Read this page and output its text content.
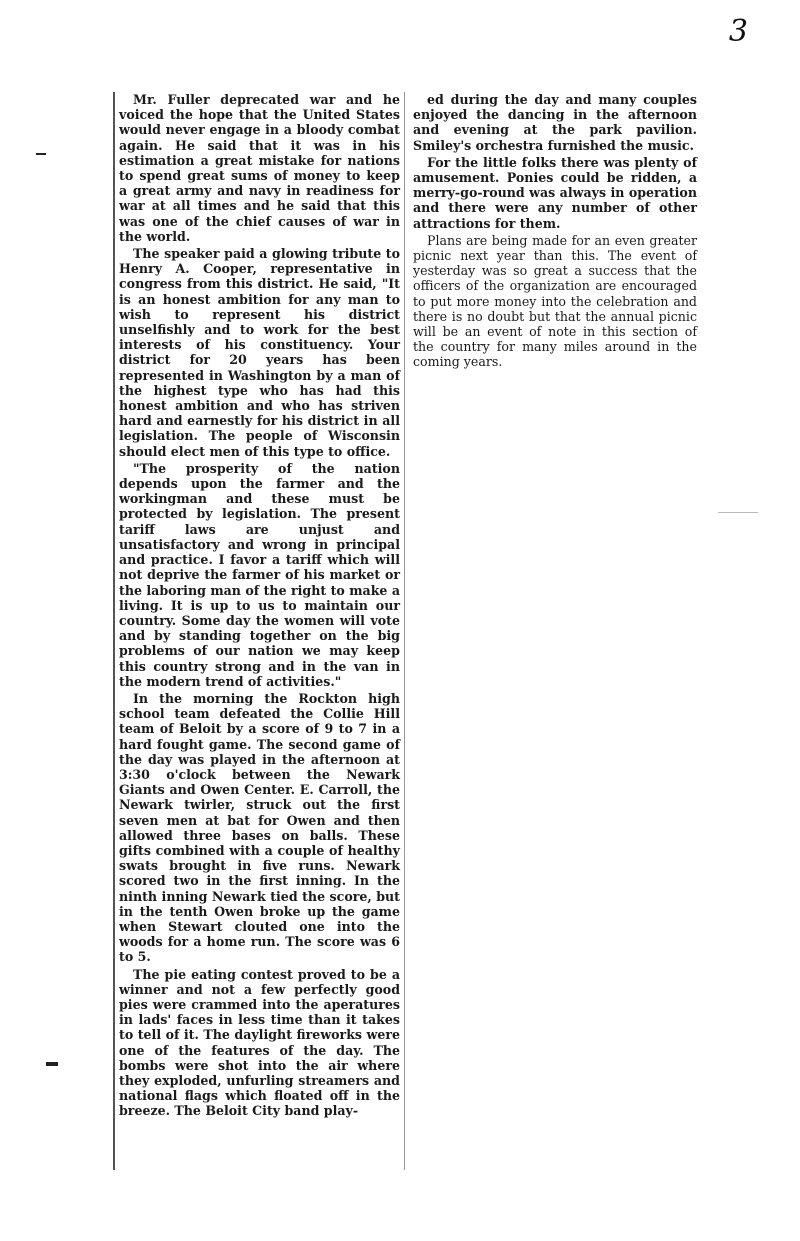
3

Mr. Fuller deprecated war and he voiced the hope that the United States would never engage in a bloody combat again. He said that it was in his estimation a great mistake for nations to spend great sums of money to keep a great army and navy in readiness for war at all times and he said that this was one of the chief causes of war in the world.

The speaker paid a glowing tribute to Henry A. Cooper, representative in congress from this district. He said, "It is an honest ambition for any man to wish to represent his district unselfishly and to work for the best interests of his constituency. Your district for 20 years has been represented in Washington by a man of the highest type who has had this honest ambition and who has striven hard and earnestly for his district in all legislation. The people of Wisconsin should elect men of this type to office.

"The prosperity of the nation depends upon the farmer and the workingman and these must be protected by legislation. The present tariff laws are unjust and unsatisfactory and wrong in principal and practice. I favor a tariff which will not deprive the farmer of his market or the laboring man of the right to make a living. It is up to us to maintain our country. Some day the women will vote and by standing together on the big problems of our nation we may keep this country strong and in the van in the modern trend of activities."

In the morning the Rockton high school team defeated the Collie Hill team of Beloit by a score of 9 to 7 in a hard fought game. The second game of the day was played in the afternoon at 3:30 o'clock between the Newark Giants and Owen Center. E. Carroll, the Newark twirler, struck out the first seven men at bat for Owen and then allowed three bases on balls. These gifts combined with a couple of healthy swats brought in five runs. Newark scored two in the first inning. In the ninth inning Newark tied the score, but in the tenth Owen broke up the game when Stewart clouted one into the woods for a home run. The score was 6 to 5.

The pie eating contest proved to be a winner and not a few perfectly good pies were crammed into the aperatures in lads' faces in less time than it takes to tell of it. The daylight fireworks were one of the features of the day. The bombs were shot into the air where they exploded, unfurling streamers and national flags which floated off in the breeze. The Beloit City band play-

ed during the day and many couples enjoyed the dancing in the afternoon and evening at the park pavilion. Smiley's orchestra furnished the music.

For the little folks there was plenty of amusement. Ponies could be ridden, a merry-go-round was always in operation and there were any number of other attractions for them.

Plans are being made for an even greater picnic next year than this. The event of yesterday was so great a success that the officers of the organization are encouraged to put more money into the celebration and there is no doubt but that the annual picnic will be an event of note in this section of the country for many miles around in the coming years.
